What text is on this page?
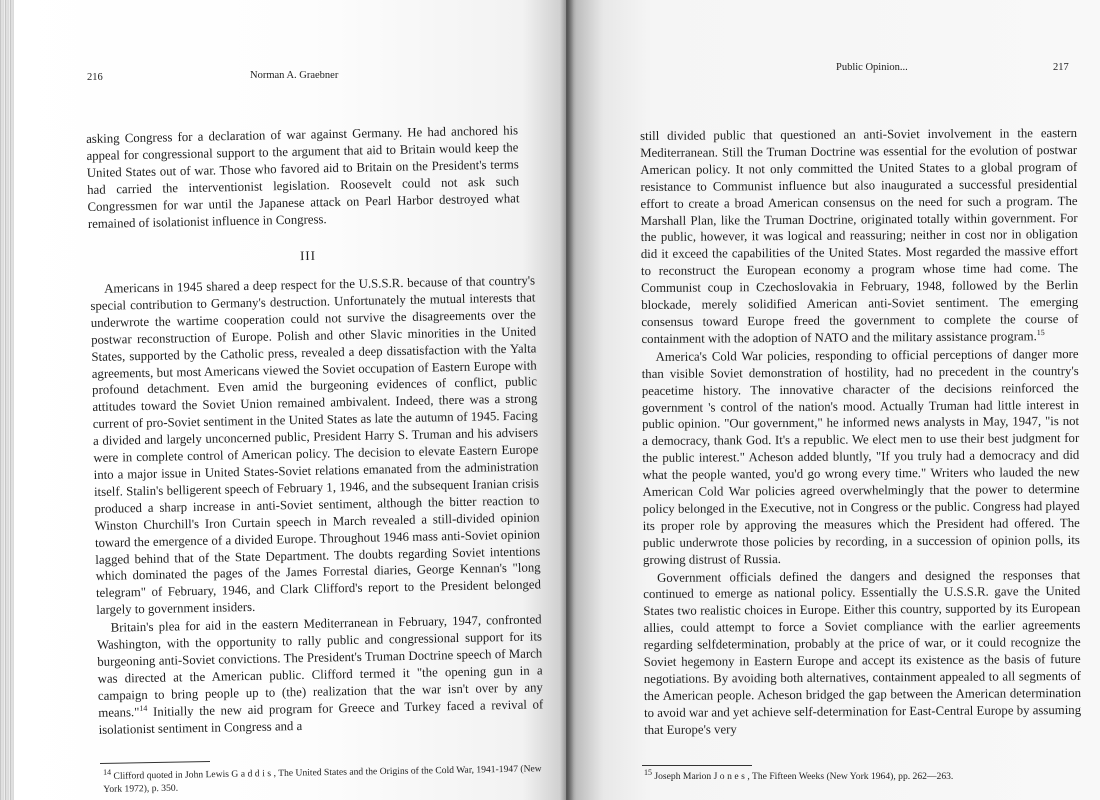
216	Norman A. Graebner

asking Congress for a declaration of war against Germany. He had anchored his appeal for congressional support to the argument that aid to Britain would keep the United States out of war. Those who favored aid to Britain on the President's terms had carried the interventionist legislation. Roosevelt could not ask such Congressmen for war until the Japanese attack on Pearl Harbor destroyed what remained of isolationist influence in Congress.

III

Americans in 1945 shared a deep respect for the U.S.S.R. because of that country's special contribution to Germany's destruction. Unfortunately the mutual interests that underwrote the wartime cooperation could not survive the disagreements over the postwar reconstruction of Europe. Polish and other Slavic minorities in the United States, supported by the Catholic press, revealed a deep dissatisfaction with the Yalta agreements, but most Americans viewed the Soviet occupation of Eastern Europe with profound detachment. Even amid the burgeoning evidences of conflict, public attitudes toward the Soviet Union remained ambivalent. Indeed, there was a strong current of pro-Soviet sentiment in the United States as late the autumn of 1945. Facing a divided and largely unconcerned public, President Harry S. Truman and his advisers were in complete control of American policy. The decision to elevate Eastern Europe into a major issue in United States-Soviet relations emanated from the administration itself. Stalin's belligerent speech of February 1, 1946, and the subsequent Iranian crisis produced a sharp increase in anti-Soviet sentiment, although the bitter reaction to Winston Churchill's Iron Curtain speech in March revealed a still-divided opinion toward the emergence of a divided Europe. Throughout 1946 mass anti-Soviet opinion lagged behind that of the State Department. The doubts regarding Soviet intentions which dominated the pages of the James Forrestal diaries, George Kennan's "long telegram" of February, 1946, and Clark Clifford's report to the President belonged largely to government insiders.

Britain's plea for aid in the eastern Mediterranean in February, 1947, confronted Washington, with the opportunity to rally public and congressional support for its burgeoning anti-Soviet convictions. The President's Truman Doctrine speech of March was directed at the American public. Clifford termed it "the opening gun in a campaign to bring people up to (the) realization that the war isn't over by any means."$^{14}$ Initially the new aid program for Greece and Turkey faced a revival of isolationist sentiment in Congress and a

$^{14}$ Clifford quoted in John Lewis Gaddis, The United States and the Origins of the Cold War, 1941-1947 (New York 1972), p. 350.
Public Opinion...	217

still divided public that questioned an anti-Soviet involvement in the eastern Mediterranean. Still the Truman Doctrine was essential for the evolution of postwar American policy. It not only committed the United States to a global program of resistance to Communist influence but also inaugurated a successful presidential effort to create a broad American consensus on the need for such a program. The Marshall Plan, like the Truman Doctrine, originated totally within government. For the public, however, it was logical and reassuring; neither in cost nor in obligation did it exceed the capabilities of the United States. Most regarded the massive effort to reconstruct the European economy a program whose time had come. The Communist coup in Czechoslovakia in February, 1948, followed by the Berlin blockade, merely solidified American anti-Soviet sentiment. The emerging consensus toward Europe freed the government to complete the course of containment with the adoption of NATO and the military assistance program.$^{15}$

America's Cold War policies, responding to official perceptions of danger more than visible Soviet demonstration of hostility, had no precedent in the country's peacetime history. The innovative character of the decisions reinforced the government 's control of the nation's mood. Actually Truman had little interest in public opinion. "Our government," he informed news analysts in May, 1947, "is not a democracy, thank God. It's a republic. We elect men to use their best judgment for the public interest." Acheson added bluntly, "If you truly had a democracy and did what the people wanted, you'd go wrong every time." Writers who lauded the new American Cold War policies agreed overwhelmingly that the power to determine policy belonged in the Executive, not in Congress or the public. Congress had played its proper role by approving the measures which the President had offered. The public underwrote those policies by recording, in a succession of opinion polls, its growing distrust of Russia.

Government officials defined the dangers and designed the responses that continued to emerge as national policy. Essentially the U.S.S.R. gave the United States two realistic choices in Europe. Either this country, supported by its European allies, could attempt to force a Soviet compliance with the earlier agreements regarding selfdetermination, probably at the price of war, or it could recognize the Soviet hegemony in Eastern Europe and accept its existence as the basis of future negotiations. By avoiding both alternatives, containment appealed to all segments of the American people. Acheson bridged the gap between the American determination to avoid war and yet achieve self-determination for East-Central Europe by assuming that Europe's very

$^{15}$ Joseph Marion Jones, The Fifteen Weeks (New York 1964), pp. 262—263.
